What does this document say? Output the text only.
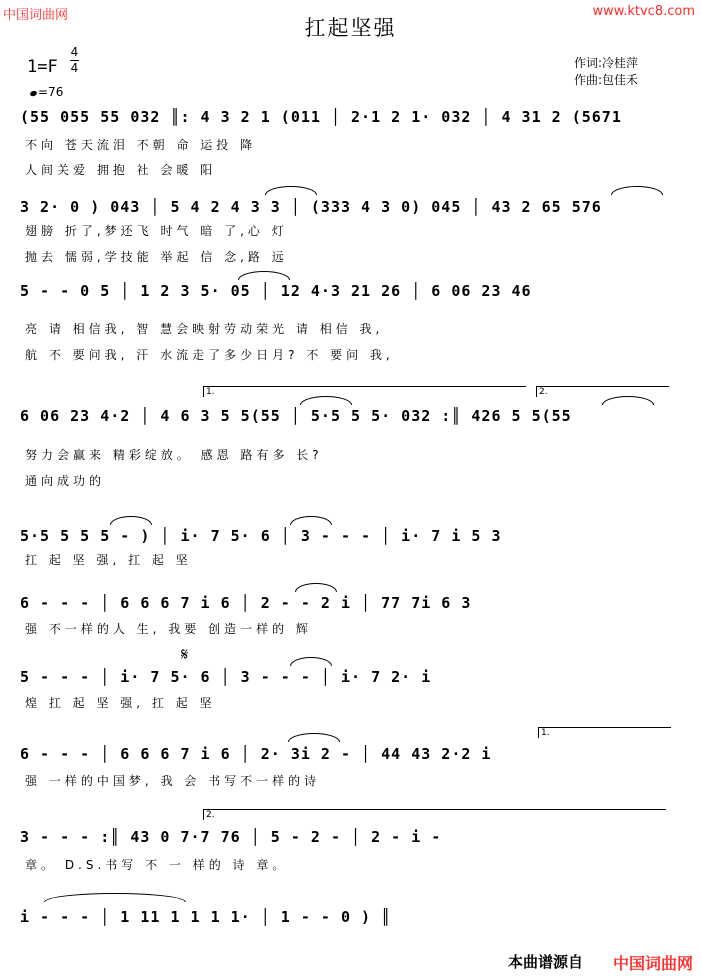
中国词曲网	www.ktvc8.com
扛起坚强
1=F
4
4
=76
作词:冷桂萍
作曲:包佳禾
(55 055 55 032 ║: 4 3 2 1 (011 │ 2·1 2 1· 032 │ 4 31 2 (5671
不向 苍天流泪 不朝 命 运投 降
人间关爱 拥抱 社 会暖 阳
3 2· 0 ) 043 │ 5 4 2 4 3 3 │ (333 4 3 0) 045 │ 43 2 65 576
翅膀 折了,梦还飞 时气 暗 了,心 灯
抛去 懦弱,学技能 举起 信 念,路 远
5 - - 0 5 │ 1 2 3 5· 05 │ 12 4·3 21 26 │ 6 06 23 46
亮 请 相信我, 智 慧会映射劳动荣光 请 相信 我,
航 不 要问我, 汗 水流走了多少日月? 不 要问 我,
1.	2.
6 06 23 4·2 │ 4 6 3 5 5(55 │ 5·5 5 5· 032 :║ 426 5 5(55
努力会赢来 精彩绽放。 感恩 路有多 长?
通向成功的
5·5 5 5 5 - ) │ i· 7 5· 6 │ 3 - - - │ i· 7 i 5 3
扛 起 坚 强, 扛 起 坚
6 - - - │ 6 6 6 7 i 6 │ 2 - - 2 i │ 77 7i 6 3
强 不一样的人 生, 我要 创造一样的 辉
𝄋
5 - - - │ i· 7 5· 6 │ 3 - - - │ i· 7 2· i
煌 扛 起 坚 强, 扛 起 坚
1.
6 - - - │ 6 6 6 7 i 6 │ 2· 3i 2 - │ 44 43 2·2 i
强 一样的中国梦, 我 会 书写不一样的诗
2.
3 - - - :║ 43 0 7·7 76 │ 5 - 2 - │ 2 - i -
章。 D.S.书写 不 一 样的 诗 章。
i - - - │ 1 11 1 1 1 1· │ 1 - - 0 ) ║
本曲谱源自 中国词曲网
